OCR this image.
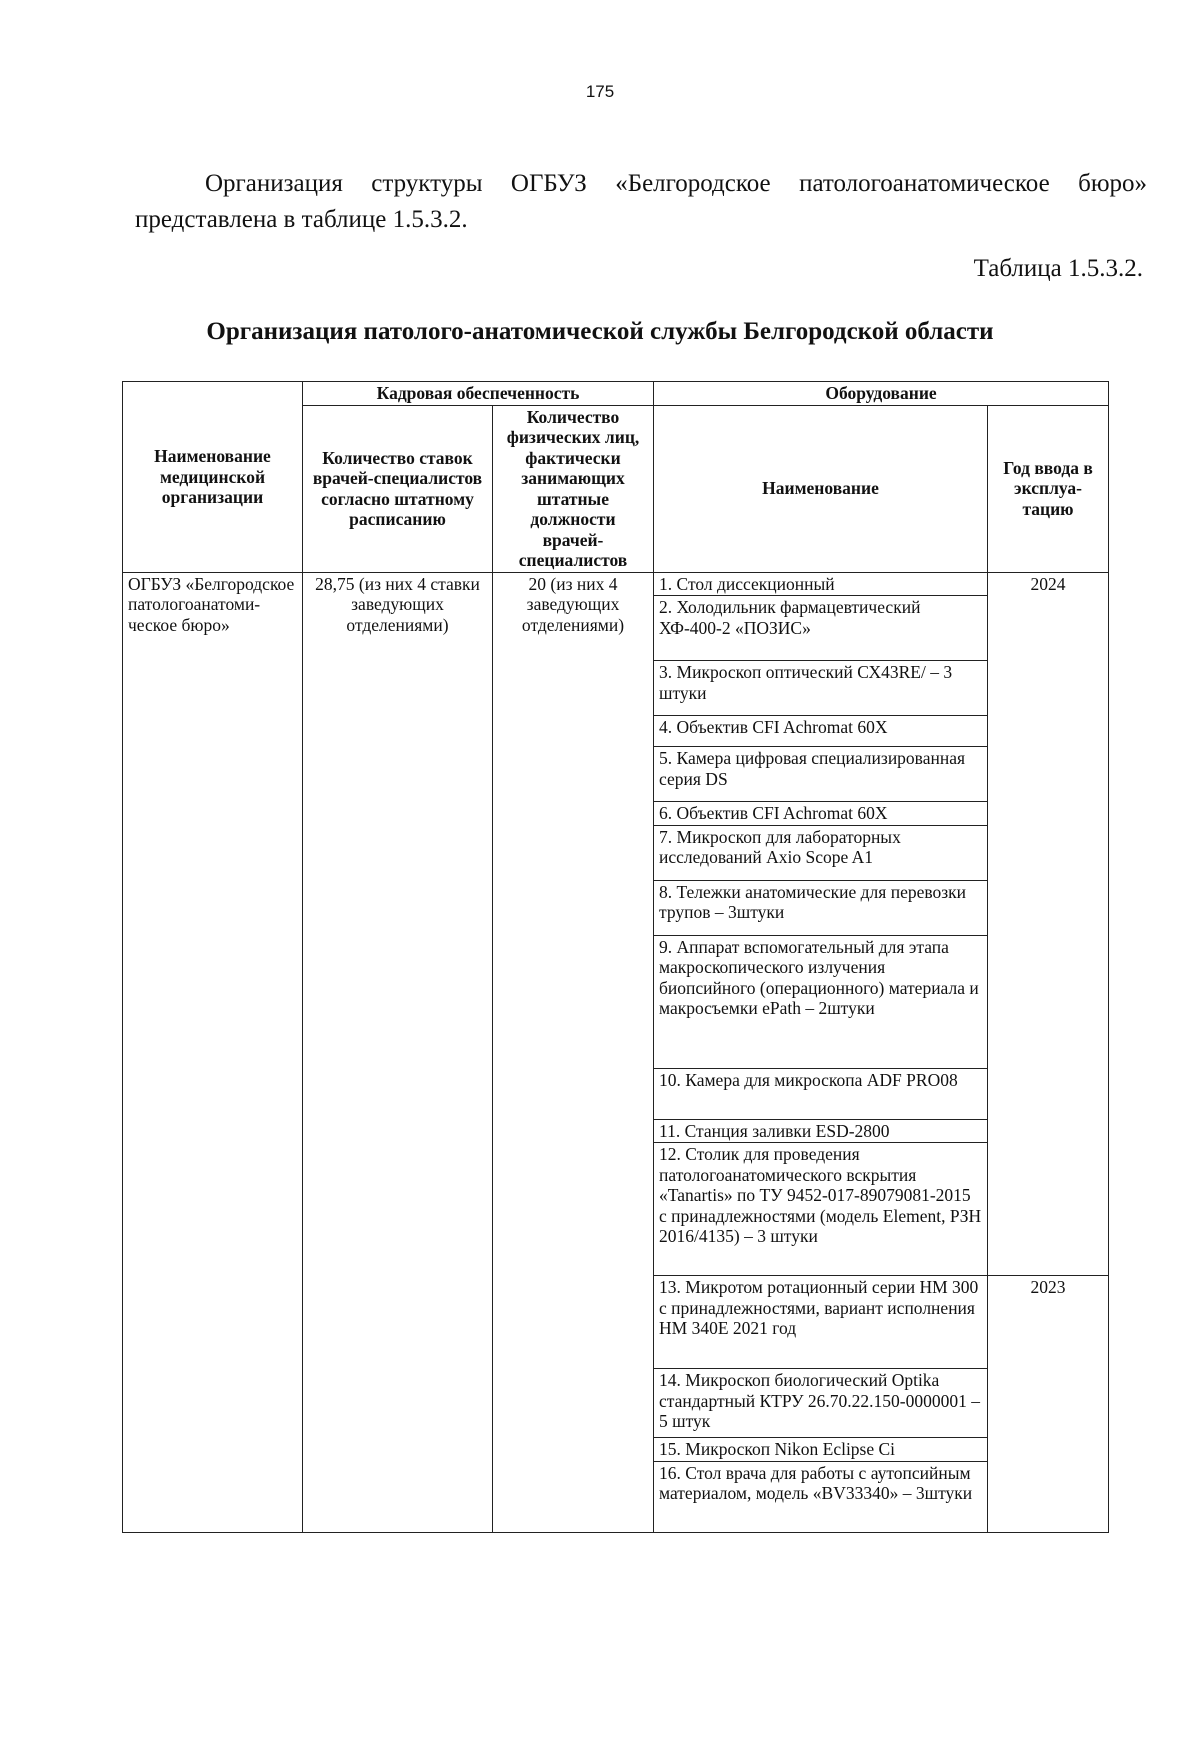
175

Организация структуры ОГБУЗ «Белгородское патологоанатомическое бюро» представлена в таблице 1.5.3.2.

Таблица 1.5.3.2.
Организация патолого-анатомической службы Белгородской области
Наименование медицинской организации	Кадровая обеспеченность		Оборудование	
	Количество ставок врачей-специалистов согласно штатному расписанию	Количество физических лиц, фактически занимающих штатные должности врачей-специалистов	Наименование	Год ввода в эксплуа-тацию
ОГБУЗ «Белгородское патологоанатоми-ческое бюро»	28,75 (из них 4 ставки заведующих отделениями)	20 (из них 4 заведующих отделениями)	1. Стол диссекционный	2024
			2. Холодильник фармацевтический ХФ-400-2 «ПОЗИС»	
			3. Микроскоп оптический СХ43RE/ – 3 штуки	
			4. Объектив CFI Achromat 60X	
			5. Камера цифровая специализированная серия DS	
			6. Объектив CFI Achromat 60X	
			7. Микроскоп для лабораторных исследований Axio Scope A1	
			8. Тележки анатомические для перевозки трупов – 3штуки	
			9. Аппарат вспомогательный для этапа макроскопического излучения биопсийного (операционного) материала и макросъемки ePath – 2штуки	
			10. Камера для микроскопа ADF PRO08	
			11. Станция заливки ESD-2800	
			12. Столик для проведения патологоанатомического вскрытия «Tanartis» по ТУ 9452-017-89079081-2015 с принадлежностями (модель Element, РЗН 2016/4135) – 3 штуки	
			13. Микротом ротационный серии HM 300 с принадлежностями, вариант исполнения HM 340E 2021 год	2023
			14. Микроскоп биологический Optika стандартный КТРУ 26.70.22.150-0000001 – 5 штук	
			15. Микроскоп Nikon Eclipse Ci	
			16. Стол врача для работы с аутопсийным материалом, модель «BV33340» – 3штуки	
